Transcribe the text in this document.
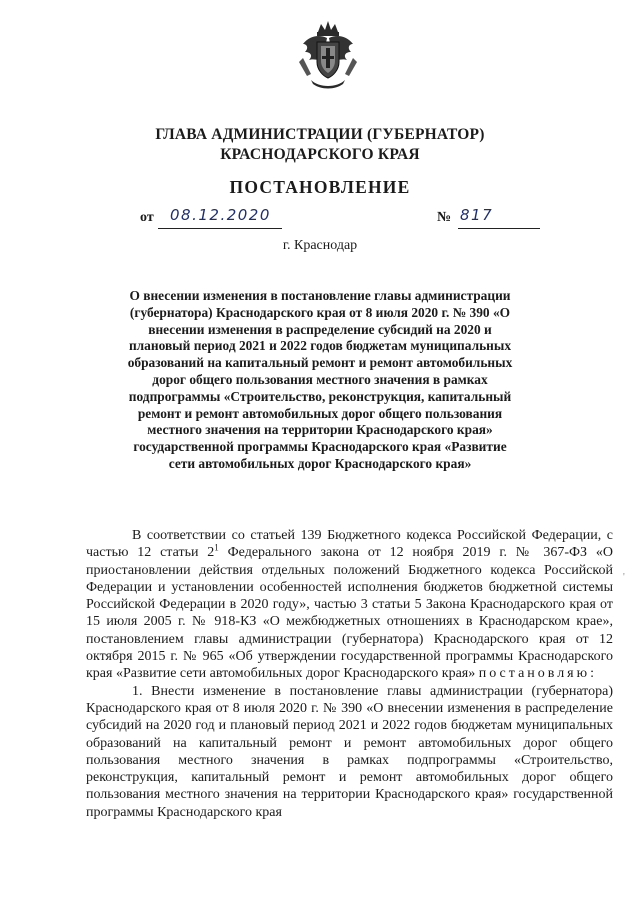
ГЛАВА АДМИНИСТРАЦИИ (ГУБЕРНАТОР)
КРАСНОДАРСКОГО КРАЯ
ПОСТАНОВЛЕНИЕ
от 08.12.2020	№ 817
г. Краснодар
О внесении изменения в постановление главы администрации (губернатора) Краснодарского края от 8 июля 2020 г. № 390 «О внесении изменения в распределение субсидий на 2020 и плановый период 2021 и 2022 годов бюджетам муниципальных образований на капитальный ремонт и ремонт автомобильных дорог общего пользования местного значения в рамках подпрограммы «Строительство, реконструкция, капитальный ремонт и ремонт автомобильных дорог общего пользования местного значения на территории Краснодарского края» государственной программы Краснодарского края «Развитие сети автомобильных дорог Краснодарского края»

В соответствии со статьей 139 Бюджетного кодекса Российской Федерации, с частью 12 статьи $2^1$ Федерального закона от 12 ноября 2019 г. № 367-ФЗ «О приостановлении действия отдельных положений Бюджетного кодекса Российской Федерации и установлении особенностей исполнения бюджетов бюджетной системы Российской Федерации в 2020 году», частью 3 статьи 5 Закона Краснодарского края от 15 июля 2005 г. № 918-КЗ «О межбюджетных отношениях в Краснодарском крае», постановлением главы администрации (губернатора) Краснодарского края от 12 октября 2015 г. № 965 «Об утверждении государственной программы Краснодарского края «Развитие сети автомобильных дорог Краснодарского края» постановляю:

1. Внести изменение в постановление главы администрации (губернатора) Краснодарского края от 8 июля 2020 г. № 390 «О внесении изменения в распределение субсидий на 2020 год и плановый период 2021 и 2022 годов бюджетам муниципальных образований на капитальный ремонт и ремонт автомобильных дорог общего пользования местного значения в рамках подпрограммы «Строительство, реконструкция, капитальный ремонт и ремонт автомобильных дорог общего пользования местного значения на территории Краснодарского края» государственной программы Краснодарского края

'
